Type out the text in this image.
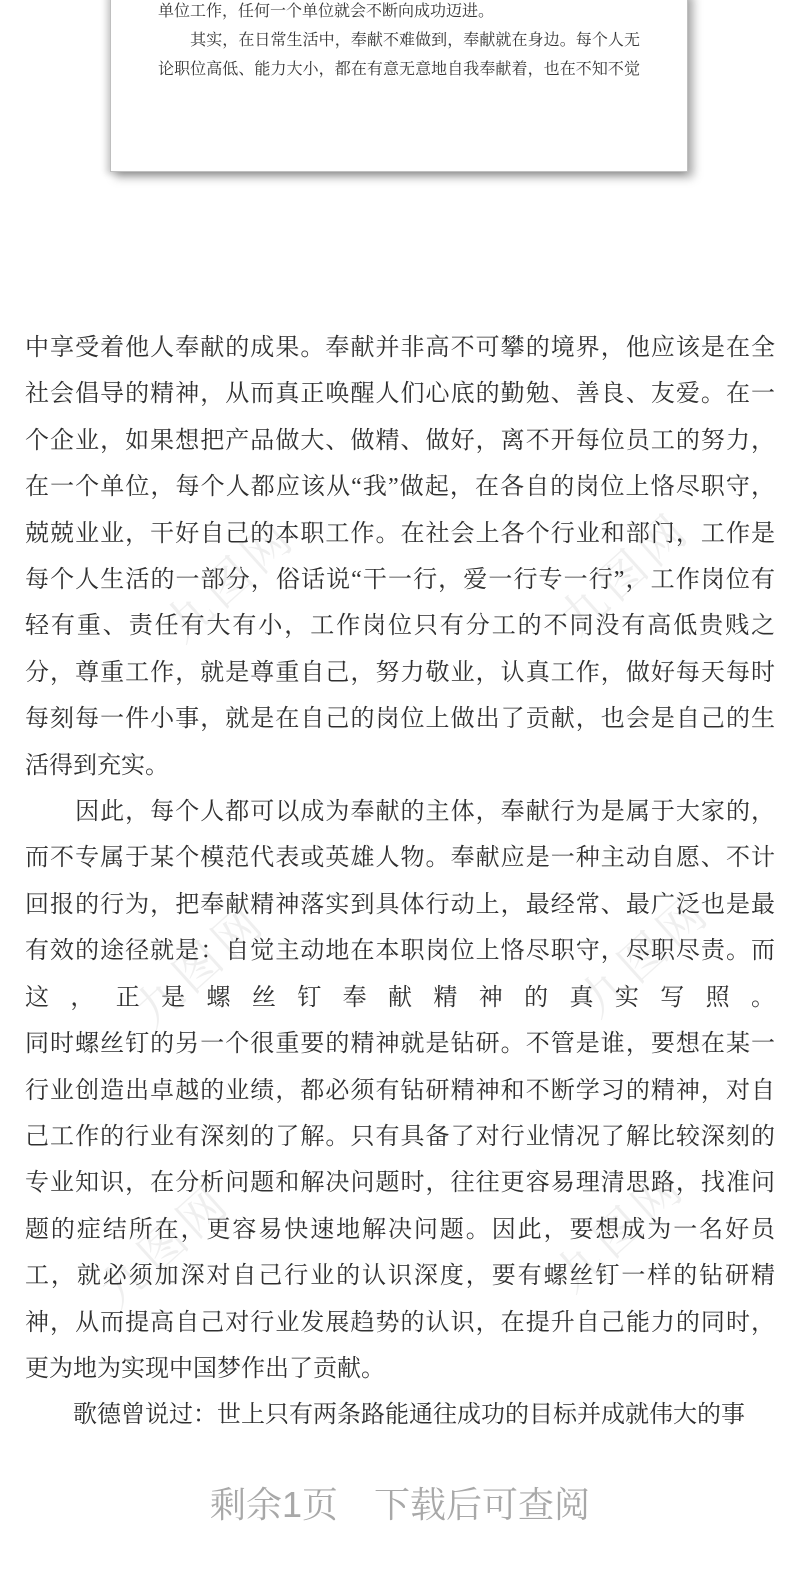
九图网	九图网
九图网	九图网
九图网	九图网
单位工作，任何一个单位就会不断向成功迈进。
　　其实，在日常生活中，奉献不难做到，奉献就在身边。每个人无
论职位高低、能力大小，都在有意无意地自我奉献着，也在不知不觉
中享受着他人奉献的成果。奉献并非高不可攀的境界，他应该是在全
社会倡导的精神，从而真正唤醒人们心底的勤勉、善良、友爱。在一
个企业，如果想把产品做大、做精、做好，离不开每位员工的努力，
在一个单位，每个人都应该从“我”做起，在各自的岗位上恪尽职守，
兢兢业业，干好自己的本职工作。在社会上各个行业和部门，工作是
每个人生活的一部分，俗话说“干一行，爱一行专一行”，工作岗位有
轻有重、责任有大有小，工作岗位只有分工的不同没有高低贵贱之
分，尊重工作，就是尊重自己，努力敬业，认真工作，做好每天每时
每刻每一件小事，就是在自己的岗位上做出了贡献，也会是自己的生
活得到充实。
　　因此，每个人都可以成为奉献的主体，奉献行为是属于大家的，
而不专属于某个模范代表或英雄人物。奉献应是一种主动自愿、不计
回报的行为，把奉献精神落实到具体行动上，最经常、最广泛也是最
有效的途径就是：自觉主动地在本职岗位上恪尽职守，尽职尽责。而
这，正是螺丝钉奉献精神的真实写照。
同时螺丝钉的另一个很重要的精神就是钻研。不管是谁，要想在某一
行业创造出卓越的业绩，都必须有钻研精神和不断学习的精神，对自
己工作的行业有深刻的了解。只有具备了对行业情况了解比较深刻的
专业知识，在分析问题和解决问题时，往往更容易理清思路，找准问
题的症结所在，更容易快速地解决问题。因此，要想成为一名好员
工，就必须加深对自己行业的认识深度，要有螺丝钉一样的钻研精
神，从而提高自己对行业发展趋势的认识，在提升自己能力的同时，
更为地为实现中国梦作出了贡献。
　　歌德曾说过：世上只有两条路能通往成功的目标并成就伟大的事
剩余1页 下载后可查阅
